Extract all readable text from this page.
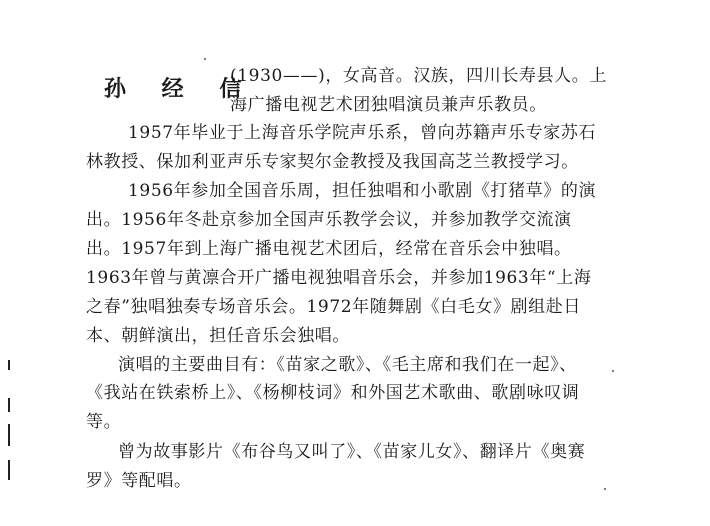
孙 经 信
(1930——)，女高音。汉族，四川长寿县人。上
海广播电视艺术团独唱演员兼声乐教员。
1957年毕业于上海音乐学院声乐系，曾向苏籍声乐专家苏石
林教授、保加利亚声乐专家契尔金教授及我国高芝兰教授学习。
1956年参加全国音乐周，担任独唱和小歌剧《打猪草》的演
出。1956年冬赴京参加全国声乐教学会议，并参加教学交流演
出。1957年到上海广播电视艺术团后，经常在音乐会中独唱。
1963年曾与黄凛合开广播电视独唱音乐会，并参加1963年“上海
之春”独唱独奏专场音乐会。1972年随舞剧《白毛女》剧组赴日
本、朝鲜演出，担任音乐会独唱。
演唱的主要曲目有：《苗家之歌》、《毛主席和我们在一起》、
《我站在铁索桥上》、《杨柳枝词》和外国艺术歌曲、歌剧咏叹调
等。
曾为故事影片《布谷鸟又叫了》、《苗家儿女》、翻译片《奥赛
罗》等配唱。
